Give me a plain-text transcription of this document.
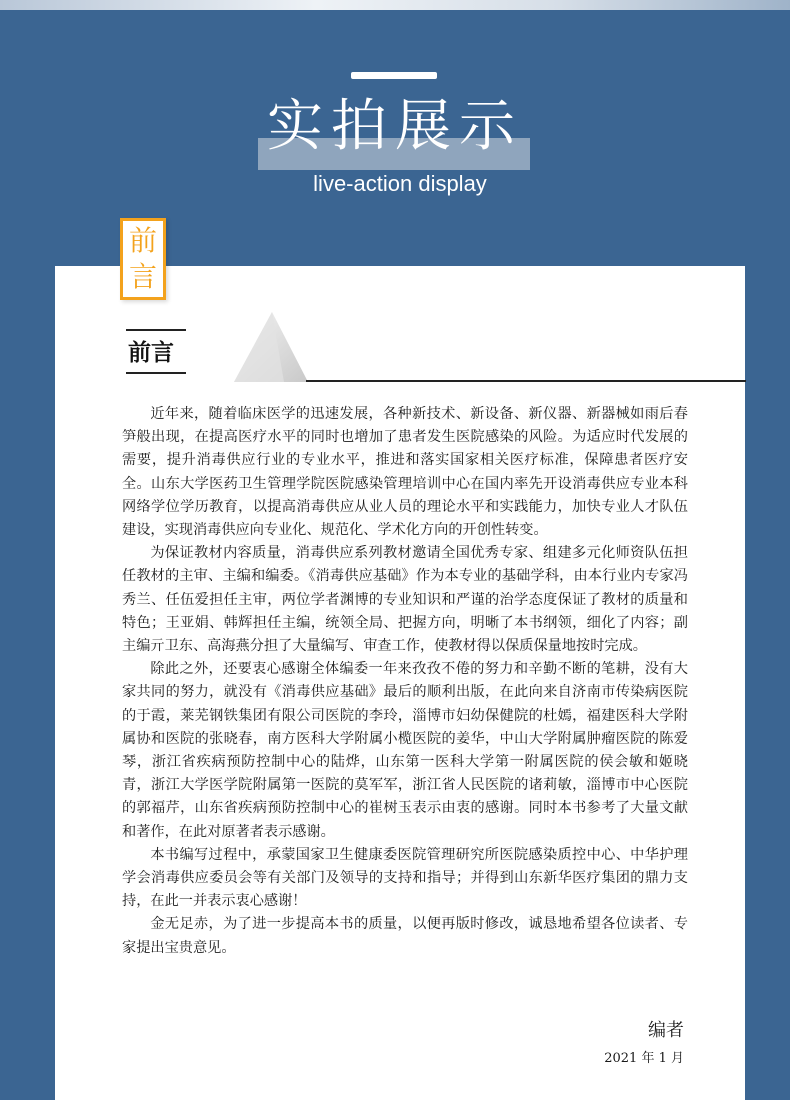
实拍展示
live-action display
前
言
前言

近年来，随着临床医学的迅速发展，各种新技术、新设备、新仪器、新器械如雨后春笋般出现，在提高医疗水平的同时也增加了患者发生医院感染的风险。为适应时代发展的需要，提升消毒供应行业的专业水平，推进和落实国家相关医疗标准，保障患者医疗安全。山东大学医药卫生管理学院医院感染管理培训中心在国内率先开设消毒供应专业本科网络学位学历教育，以提高消毒供应从业人员的理论水平和实践能力，加快专业人才队伍建设，实现消毒供应向专业化、规范化、学术化方向的开创性转变。

为保证教材内容质量，消毒供应系列教材邀请全国优秀专家、组建多元化师资队伍担任教材的主审、主编和编委。《消毒供应基础》作为本专业的基础学科，由本行业内专家冯秀兰、任伍爱担任主审，两位学者渊博的专业知识和严谨的治学态度保证了教材的质量和特色；王亚娟、韩辉担任主编，统领全局、把握方向，明晰了本书纲领，细化了内容；副主编亓卫东、高海燕分担了大量编写、审查工作，使教材得以保质保量地按时完成。

除此之外，还要衷心感谢全体编委一年来孜孜不倦的努力和辛勤不断的笔耕，没有大家共同的努力，就没有《消毒供应基础》最后的顺利出版，在此向来自济南市传染病医院的于霞，莱芜钢铁集团有限公司医院的李玲，淄博市妇幼保健院的杜嫣，福建医科大学附属协和医院的张晓春，南方医科大学附属小榄医院的姜华，中山大学附属肿瘤医院的陈爱琴，浙江省疾病预防控制中心的陆烨，山东第一医科大学第一附属医院的侯会敏和姬晓青，浙江大学医学院附属第一医院的莫军军，浙江省人民医院的诸莉敏，淄博市中心医院的郭福芹，山东省疾病预防控制中心的崔树玉表示由衷的感谢。同时本书参考了大量文献和著作，在此对原著者表示感谢。

本书编写过程中，承蒙国家卫生健康委医院管理研究所医院感染质控中心、中华护理学会消毒供应委员会等有关部门及领导的支持和指导；并得到山东新华医疗集团的鼎力支持，在此一并表示衷心感谢！

金无足赤，为了进一步提高本书的质量，以便再版时修改，诚恳地希望各位读者、专家提出宝贵意见。

编者
2021 年 1 月
